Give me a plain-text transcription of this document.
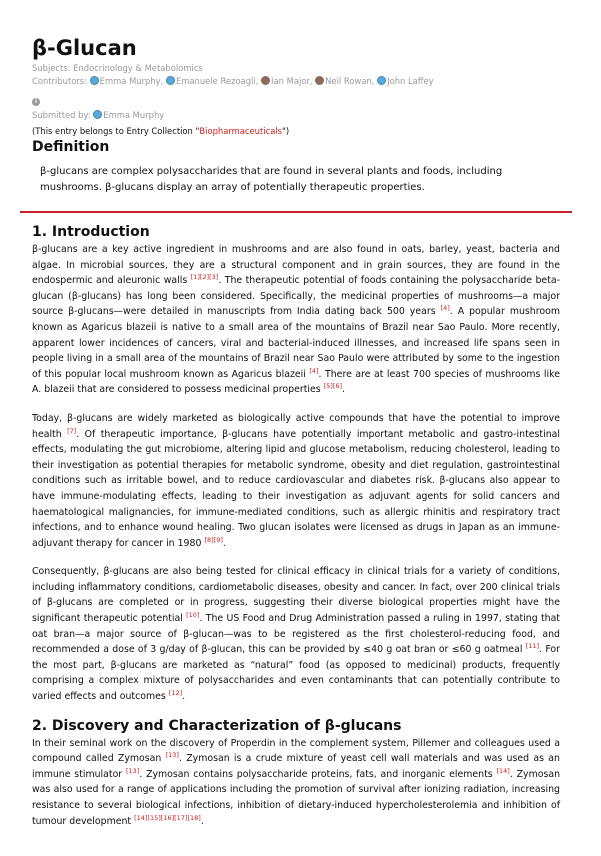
β-Glucan
Subjects: Endocrinology & Metabolomics
Contributors: Emma Murphy, Emanuele Rezoagli, Ian Major, Neil Rowan, John Laffey
i
Submitted by: Emma Murphy
(This entry belongs to Entry Collection "Biopharmaceuticals")
Definition
β-glucans are complex polysaccharides that are found in several plants and foods, including mushrooms. β-glucans display an array of potentially therapeutic properties.
1. Introduction

β-glucans are a key active ingredient in mushrooms and are also found in oats, barley, yeast, bacteria and algae. In microbial sources, they are a structural component and in grain sources, they are found in the endospermic and aleuronic walls [1][2][3]. The therapeutic potential of foods containing the polysaccharide beta-glucan (β-glucans) has long been considered. Specifically, the medicinal properties of mushrooms—a major source β-glucans—were detailed in manuscripts from India dating back 500 years [4]. A popular mushroom known as Agaricus blazeii is native to a small area of the mountains of Brazil near Sao Paulo. More recently, apparent lower incidences of cancers, viral and bacterial-induced illnesses, and increased life spans seen in people living in a small area of the mountains of Brazil near Sao Paulo were attributed by some to the ingestion of this popular local mushroom known as Agaricus blazeii [4]. There are at least 700 species of mushrooms like A. blazeii that are considered to possess medicinal properties [5][6].

Today, β-glucans are widely marketed as biologically active compounds that have the potential to improve health [7]. Of therapeutic importance, β-glucans have potentially important metabolic and gastro-intestinal effects, modulating the gut microbiome, altering lipid and glucose metabolism, reducing cholesterol, leading to their investigation as potential therapies for metabolic syndrome, obesity and diet regulation, gastrointestinal conditions such as irritable bowel, and to reduce cardiovascular and diabetes risk. β-glucans also appear to have immune-modulating effects, leading to their investigation as adjuvant agents for solid cancers and haematological malignancies, for immune-mediated conditions, such as allergic rhinitis and respiratory tract infections, and to enhance wound healing. Two glucan isolates were licensed as drugs in Japan as an immune-adjuvant therapy for cancer in 1980 [8][9].

Consequently, β-glucans are also being tested for clinical efficacy in clinical trials for a variety of conditions, including inflammatory conditions, cardiometabolic diseases, obesity and cancer. In fact, over 200 clinical trials of β-glucans are completed or in progress, suggesting their diverse biological properties might have the significant therapeutic potential [10]. The US Food and Drug Administration passed a ruling in 1997, stating that oat bran—a major source of β-glucan—was to be registered as the first cholesterol-reducing food, and recommended a dose of 3 g/day of β-glucan, this can be provided by ≤40 g oat bran or ≤60 g oatmeal [11]. For the most part, β-glucans are marketed as “natural” food (as opposed to medicinal) products, frequently comprising a complex mixture of polysaccharides and even contaminants that can potentially contribute to varied effects and outcomes [12].

2. Discovery and Characterization of β-glucans

In their seminal work on the discovery of Properdin in the complement system, Pillemer and colleagues used a compound called Zymosan [13]. Zymosan is a crude mixture of yeast cell wall materials and was used as an immune stimulator [13]. Zymosan contains polysaccharide proteins, fats, and inorganic elements [14]. Zymosan was also used for a range of applications including the promotion of survival after ionizing radiation, increasing resistance to several biological infections, inhibition of dietary-induced hypercholesterolemia and inhibition of tumour development [14][15][16][17][18].
